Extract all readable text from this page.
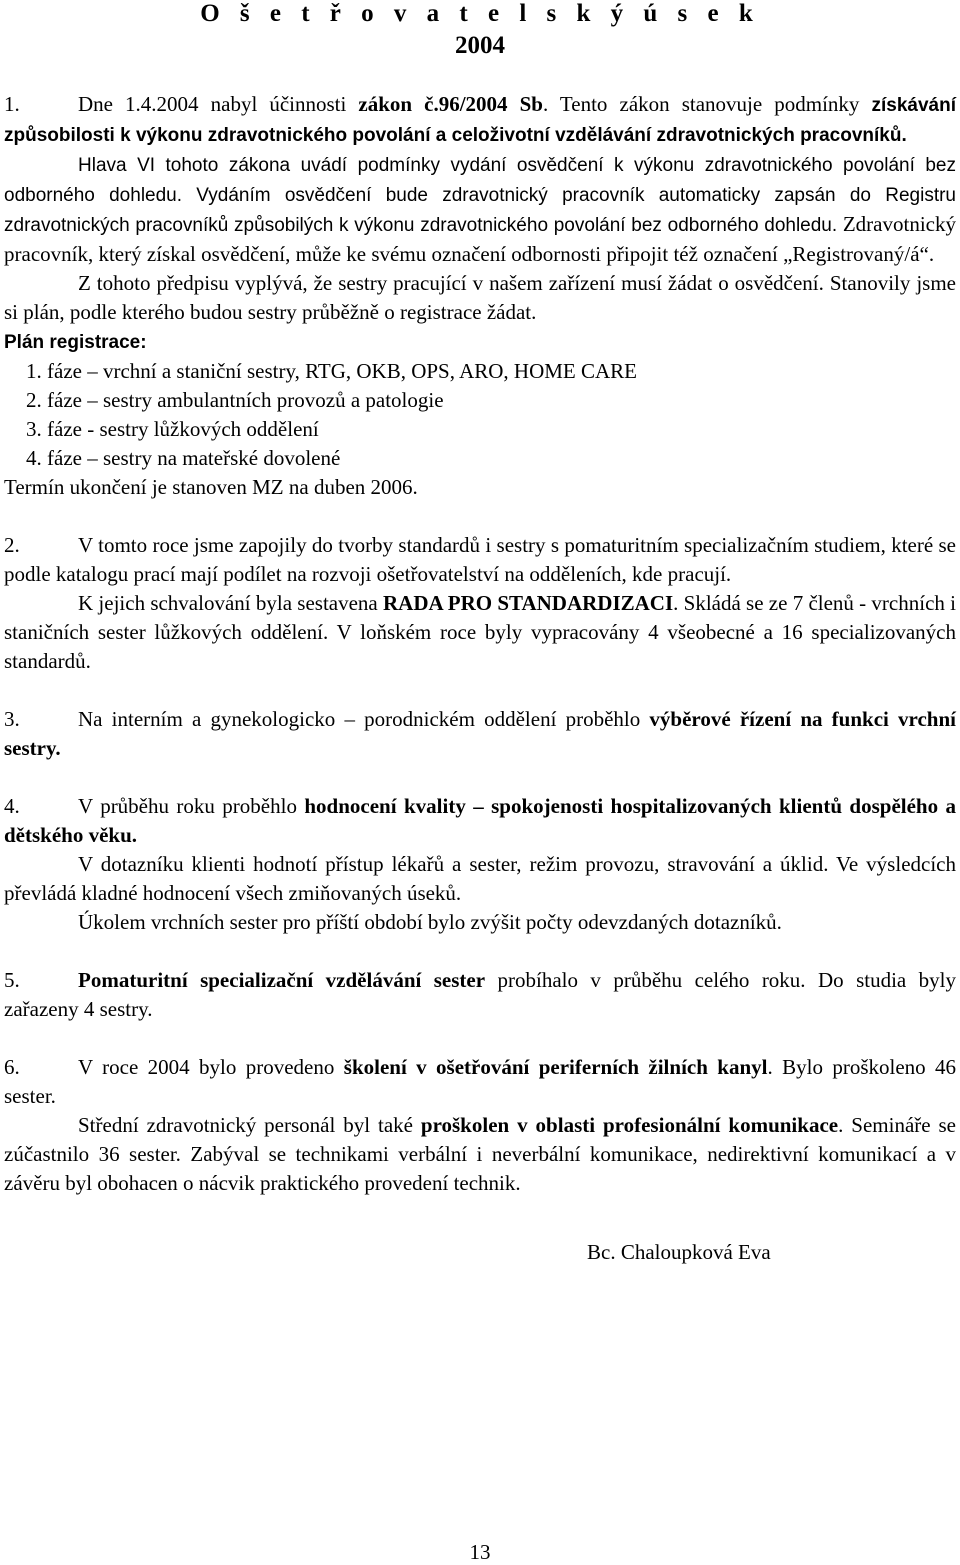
O š e t ř o v a t e l s k ý ú s e k
2004

1.	Dne 1.4.2004 nabyl účinnosti zákon č.96/2004 Sb. Tento zákon stanovuje podmínky získávání způsobilosti k výkonu zdravotnického povolání a celoživotní vzdělávání zdravotnických pracovníků.

Hlava VI tohoto zákona uvádí podmínky vydání osvědčení k výkonu zdravotnického povolání bez odborného dohledu. Vydáním osvědčení bude zdravotnický pracovník automaticky zapsán do Registru zdravotnických pracovníků způsobilých k výkonu zdravotnického povolání bez odborného dohledu. Zdravotnický pracovník, který získal osvědčení, může ke svému označení odbornosti připojit též označení „Registrovaný/á“.

Z tohoto předpisu vyplývá, že sestry pracující v našem zařízení musí žádat o osvědčení. Stanovily jsme si plán, podle kterého budou sestry průběžně o registrace žádat.

Plán registrace:

1. fáze – vrchní a staniční sestry, RTG, OKB, OPS, ARO, HOME CARE
2. fáze – sestry ambulantních provozů a patologie
3. fáze - sestry lůžkových oddělení
4. fáze – sestry na mateřské dovolené

Termín ukončení je stanoven MZ na duben 2006.

2.	V tomto roce jsme zapojily do tvorby standardů i sestry s pomaturitním specializačním studiem, které se podle katalogu prací mají podílet na rozvoji ošetřovatelství na odděleních, kde pracují.

K jejich schvalování byla sestavena RADA PRO STANDARDIZACI. Skládá se ze 7 členů - vrchních i staničních sester lůžkových oddělení. V loňském roce byly vypracovány 4 všeobecné a 16 specializovaných standardů.

3.	Na interním a gynekologicko – porodnickém oddělení proběhlo výběrové řízení na funkci vrchní sestry.

4.	V průběhu roku proběhlo hodnocení kvality – spokojenosti hospitalizovaných klientů dospělého a dětského věku.

V dotazníku klienti hodnotí přístup lékařů a sester, režim provozu, stravování a úklid. Ve výsledcích převládá kladné hodnocení všech zmiňovaných úseků.

Úkolem vrchních sester pro příští období bylo zvýšit počty odevzdaných dotazníků.

5.	Pomaturitní specializační vzdělávání sester probíhalo v průběhu celého roku. Do studia byly zařazeny 4 sestry.

6.	V roce 2004 bylo provedeno školení v ošetřování periferních žilních kanyl. Bylo proškoleno 46 sester.

Střední zdravotnický personál byl také proškolen v oblasti profesionální komunikace. Semináře se zúčastnilo 36 sester. Zabýval se technikami verbální i neverbální komunikace, nedirektivní komunikací a v závěru byl obohacen o nácvik praktického provedení technik.

Bc. Chaloupková Eva

13
